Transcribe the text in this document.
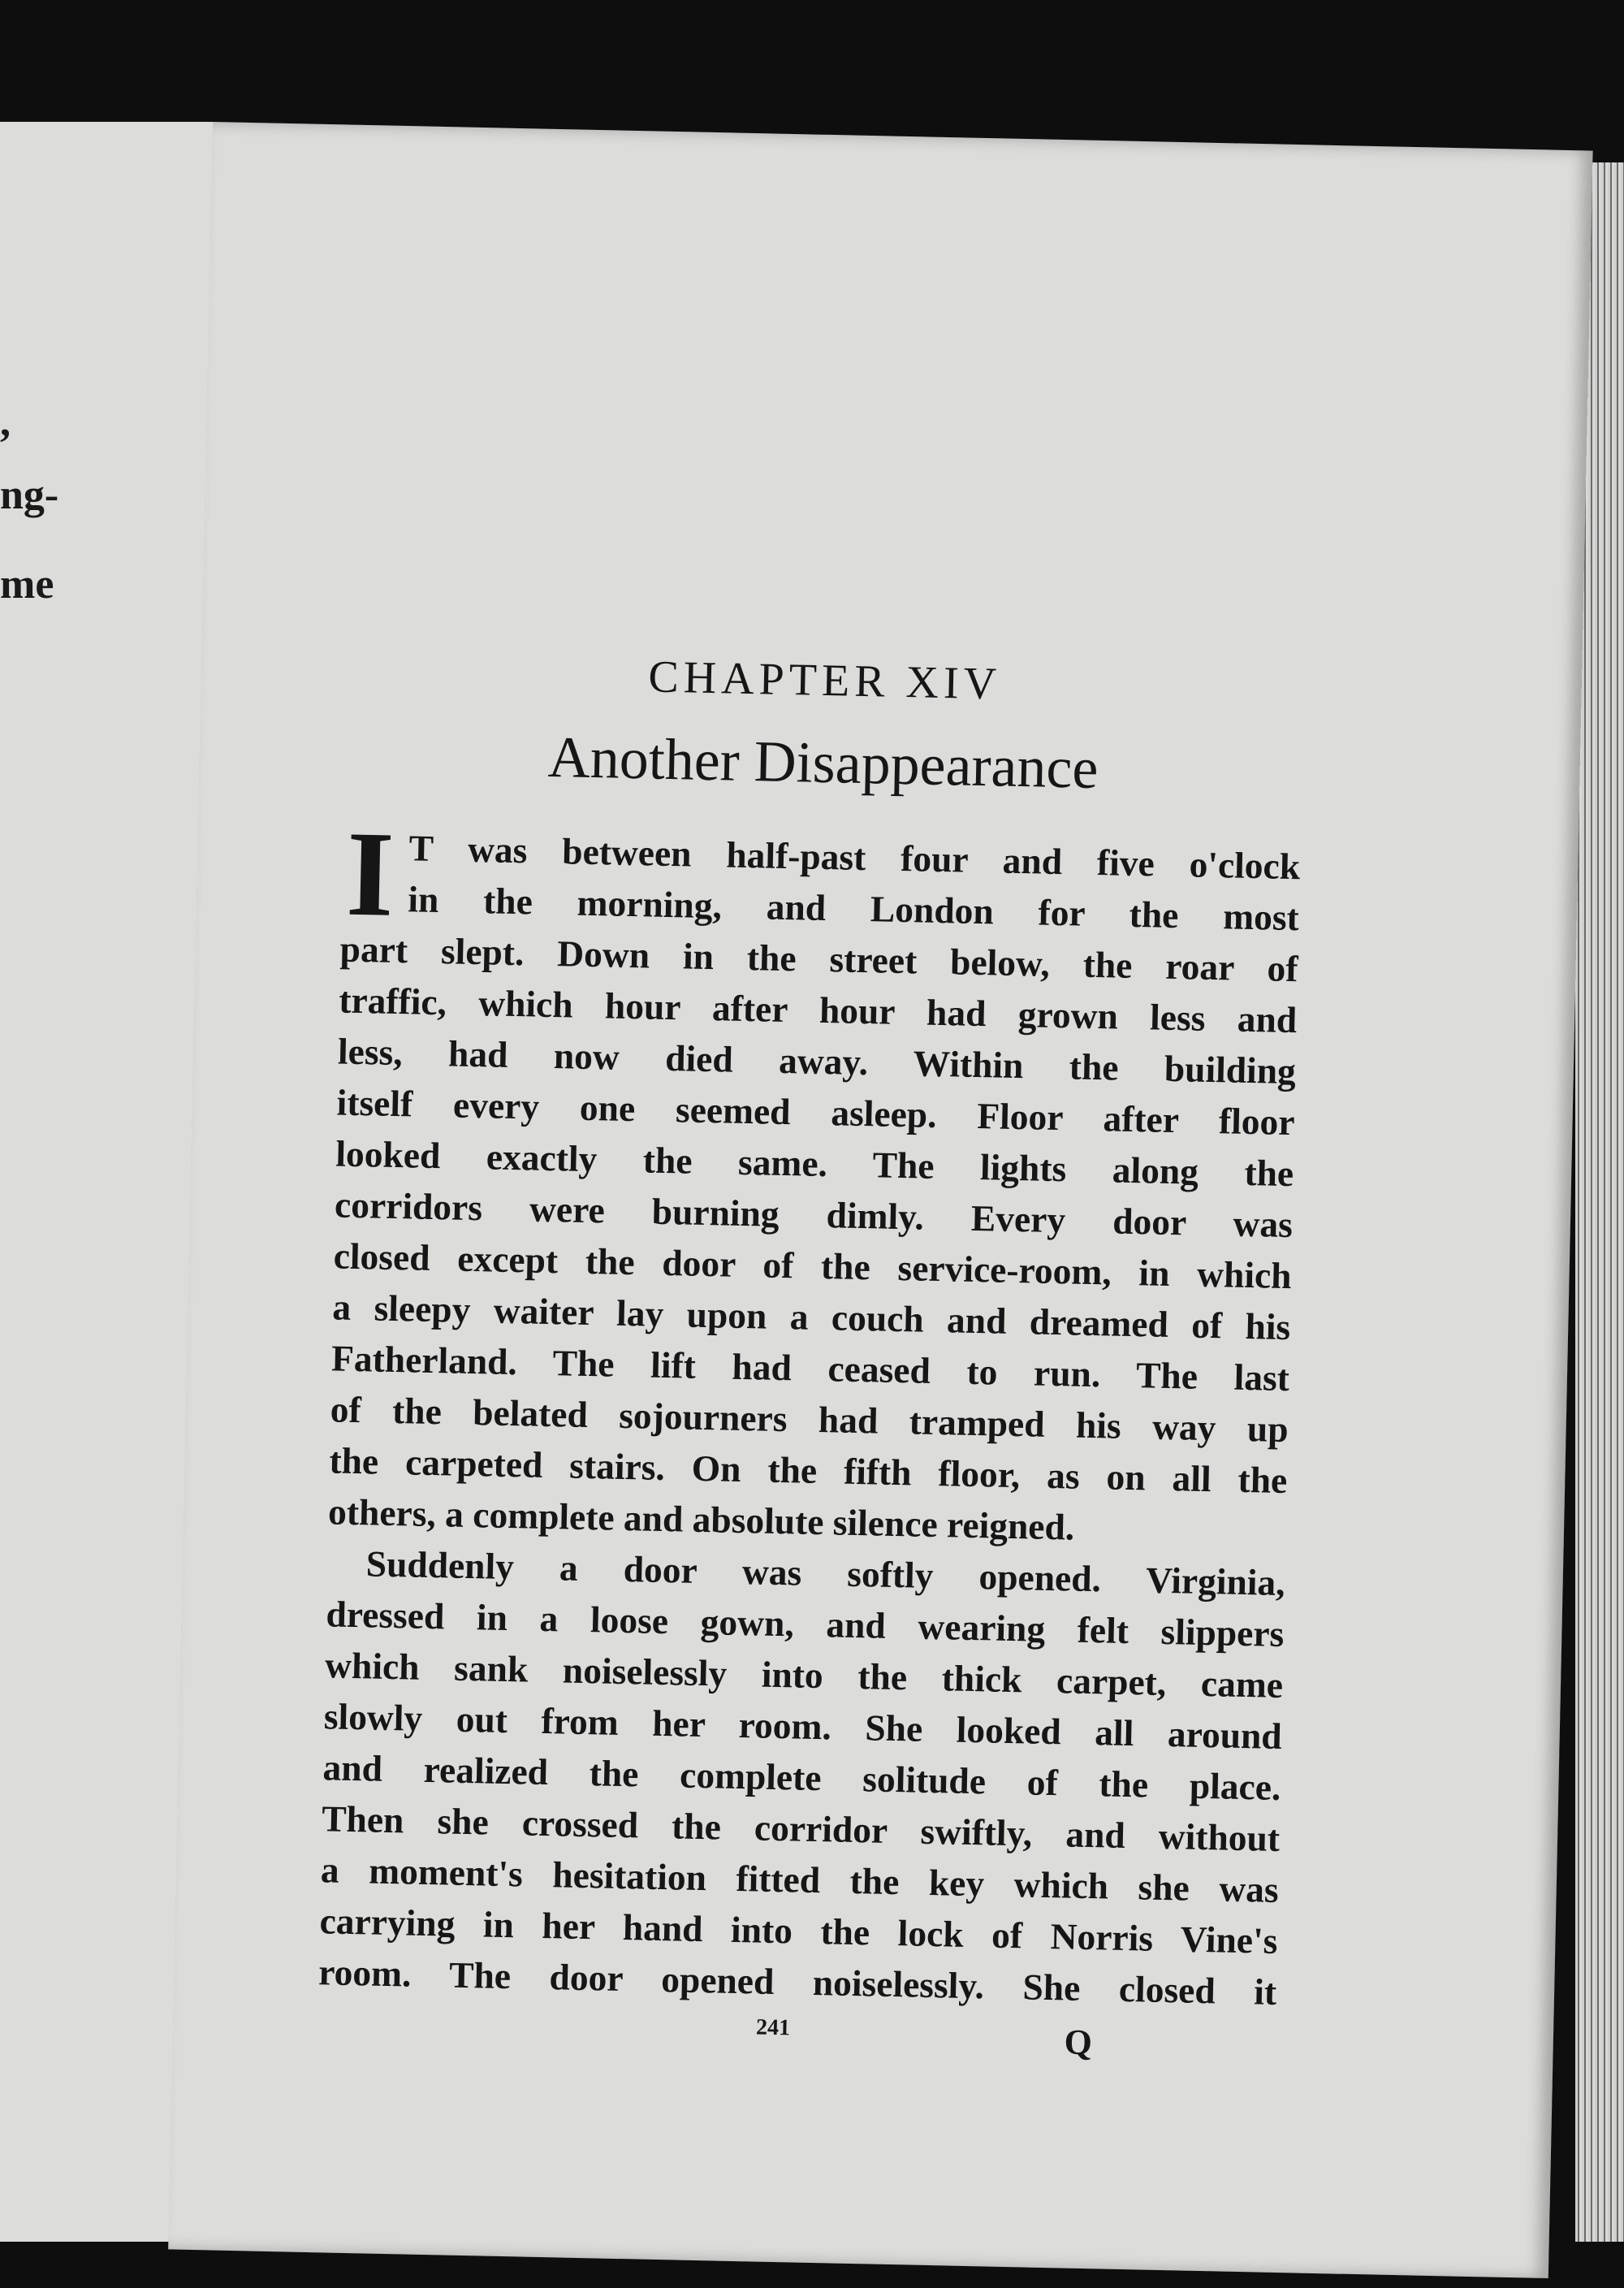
,
ng-
me
CHAPTER XIV
Another Disappearance
I T was between half-past four and five o'clock
in the morning, and London for the most
part slept. Down in the street below, the roar of
traffic, which hour after hour had grown less and
less, had now died away. Within the building
itself every one seemed asleep. Floor after floor
looked exactly the same. The lights along the
corridors were burning dimly. Every door was
closed except the door of the service-room, in which
a sleepy waiter lay upon a couch and dreamed of his
Fatherland. The lift had ceased to run. The last
of the belated sojourners had tramped his way up
the carpeted stairs. On the fifth floor, as on all the
others, a complete and absolute silence reigned.
Suddenly a door was softly opened. Virginia,
dressed in a loose gown, and wearing felt slippers
which sank noiselessly into the thick carpet, came
slowly out from her room. She looked all around
and realized the complete solitude of the place.
Then she crossed the corridor swiftly, and without
a moment's hesitation fitted the key which she was
carrying in her hand into the lock of Norris Vine's
room. The door opened noiselessly. She closed it
241	Q
